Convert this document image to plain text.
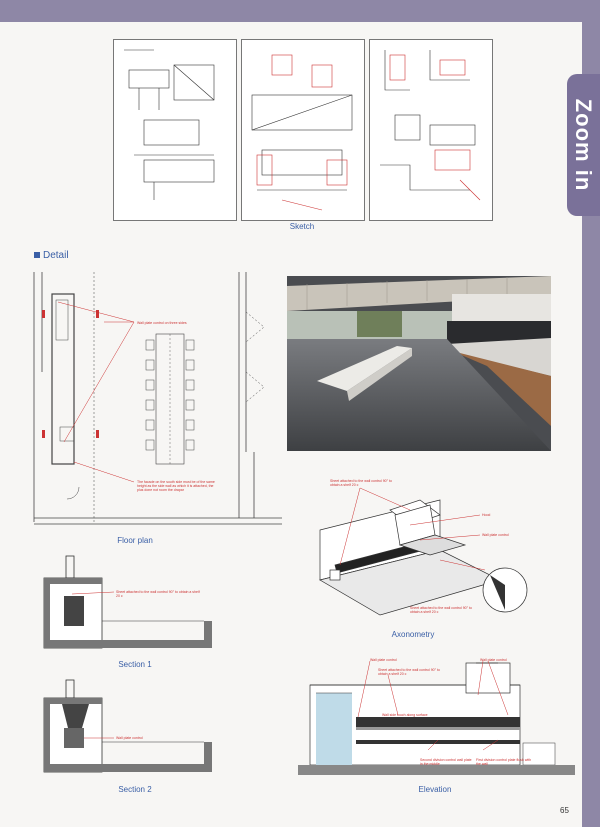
Zoom in
Sketch
Detail
Wall plate control on three sides
The facade on the south side must be of the same height as the side wall as which it is attached, the plus done not room the drapar
Floor plan
Sheet attached to the wall control 90° to obtain a shelf 20 c
Section 1
Wall plate control
Section 2
Sheet attached to the wall control 90° to obtain a shelf 20 c
Hood
Wall plate control
Sheet attached to the wall control 90° to obtain a shelf 20 c
Axonometry
Wall plate control
Sheet attached to the wall control 90° to obtain a shelf 20 c
Wall plate control
Wall side touch along surface
Second division control wall plate in the middle
First division control plate flush with the wall
Elevation
65
